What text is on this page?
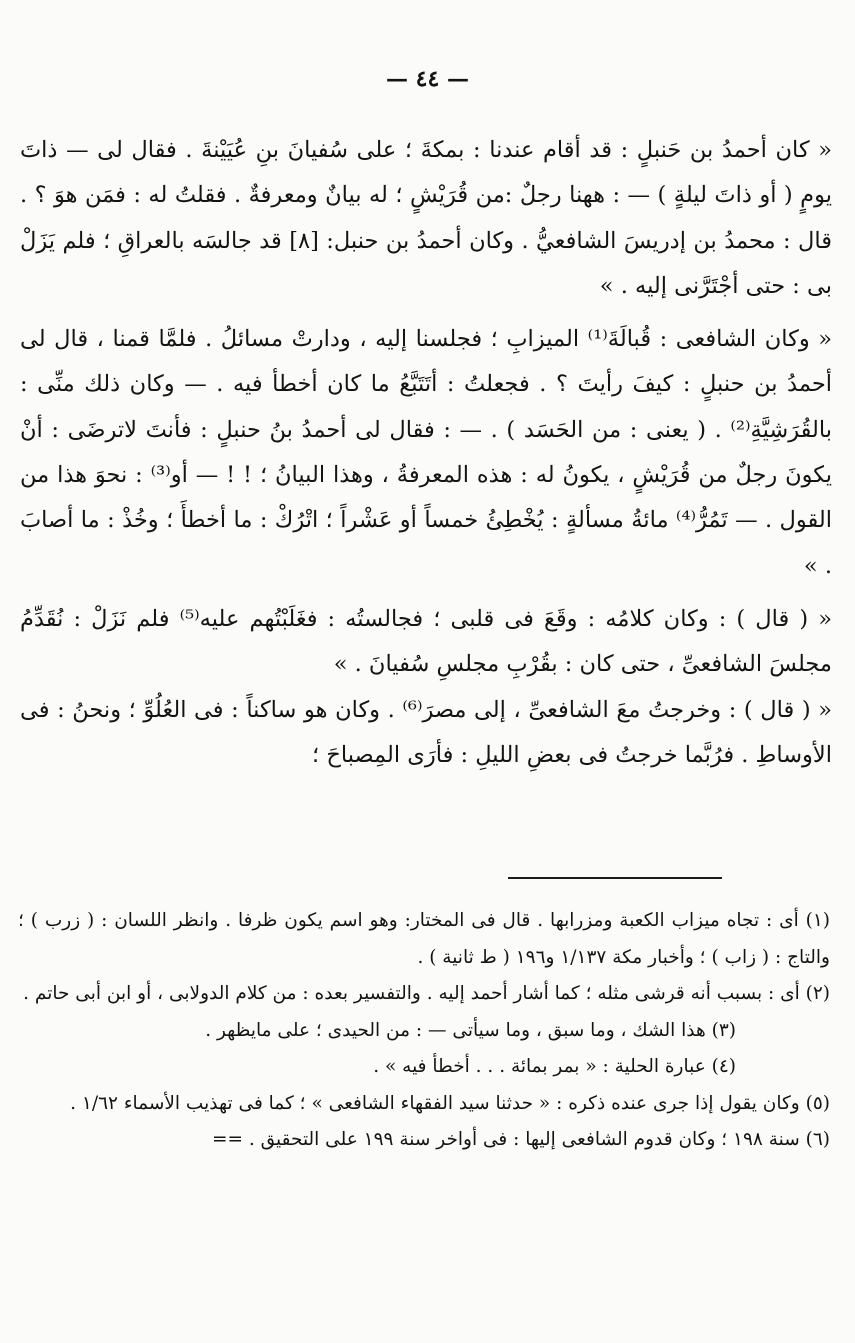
— ٤٤ —

« كان أحمدُ بن حَنبلٍ : قد أقام عندنا : بمكةَ ؛ على سُفيانَ بنِ عُيَيْنةَ . فقال لى — ذاتَ يومٍ ( أو ذاتَ ليلةٍ ) — : ههنا رجلٌ :من قُرَيْشٍ ؛ له بيانٌ ومعرفةٌ . فقلتُ له : فمَن هوَ ؟ . قال : محمدُ بن إدريسَ الشافعيُّ . وكان أحمدُ بن حنبل: [٨] قد جالسَه بالعراقِ ؛ فلم يَزَلْ بى : حتى أجْتَرَّنى إليه . »

« وكان الشافعى : قُبالَةَ⁽¹⁾ الميزابِ ؛ فجلسنا إليه ، ودارتْ مسائلُ . فلمَّا قمنا ، قال لى أحمدُ بن حنبلٍ : كيفَ رأيتَ ؟ . فجعلتُ : أتَتَبَّعُ ما كان أخطأ فيه . — وكان ذلك منِّى : بالقُرَشِيَّةِ⁽²⁾ . ( يعنى : من الحَسَد ) . — : فقال لى أحمدُ بنُ حنبلٍ : فأنتَ لاترضَى : أنْ يكونَ رجلٌ من قُرَيْشٍ ، يكونُ له : هذه المعرفةُ ، وهذا البيانُ ؛ ! ! — أو⁽³⁾ : نحوَ هذا من القول . — تَمُرُّ⁽⁴⁾ مائةُ مسألةٍ : يُخْطِئُ خمساً أو عَشْراً ؛ اتْرُكْ : ما أخطأَ ؛ وخُذْ : ما أصابَ . »

« ( قال ) : وكان كلامُه : وقَعَ فى قلبى ؛ فجالستُه : فغَلَبْتُهم عليه⁽⁵⁾ فلم نَزَلْ : نُقَدِّمُ مجلسَ الشافعىِّ ، حتى كان : بقُرْبِ مجلسِ سُفيانَ . »

« ( قال ) : وخرجتُ معَ الشافعىِّ ، إلى مصرَ⁽⁶⁾ . وكان هو ساكناً : فى العُلُوِّ ؛ ونحنُ : فى الأوساطِ . فرُبَّما خرجتُ فى بعضِ الليلِ : فأرَى المِصباحَ ؛

(١) أى : تجاه ميزاب الكعبة ومزرابها . قال فى المختار: وهو اسم يكون ظرفا . وانظر اللسان : ( زرب ) ؛ والتاج : ( زاب ) ؛ وأخبار مكة ١/١٣٧ و١٩٦ ( ط ثانية ) .

(٢) أى : بسبب أنه قرشى مثله ؛ كما أشار أحمد إليه . والتفسير بعده : من كلام الدولابى ، أو ابن أبى حاتم .

(٣) هذا الشك ، وما سبق ، وما سيأتى — : من الحيدى ؛ على مايظهر .

(٤) عبارة الحلية : « بمر بمائة . . . أخطأ فيه » .

(٥) وكان يقول إذا جرى عنده ذكره : « حدثنا سيد الفقهاء الشافعى » ؛ كما فى تهذيب الأسماء ١/٦٢ .

(٦) سنة ١٩٨ ؛ وكان قدوم الشافعى إليها : فى أواخر سنة ١٩٩ على التحقيق . ==
